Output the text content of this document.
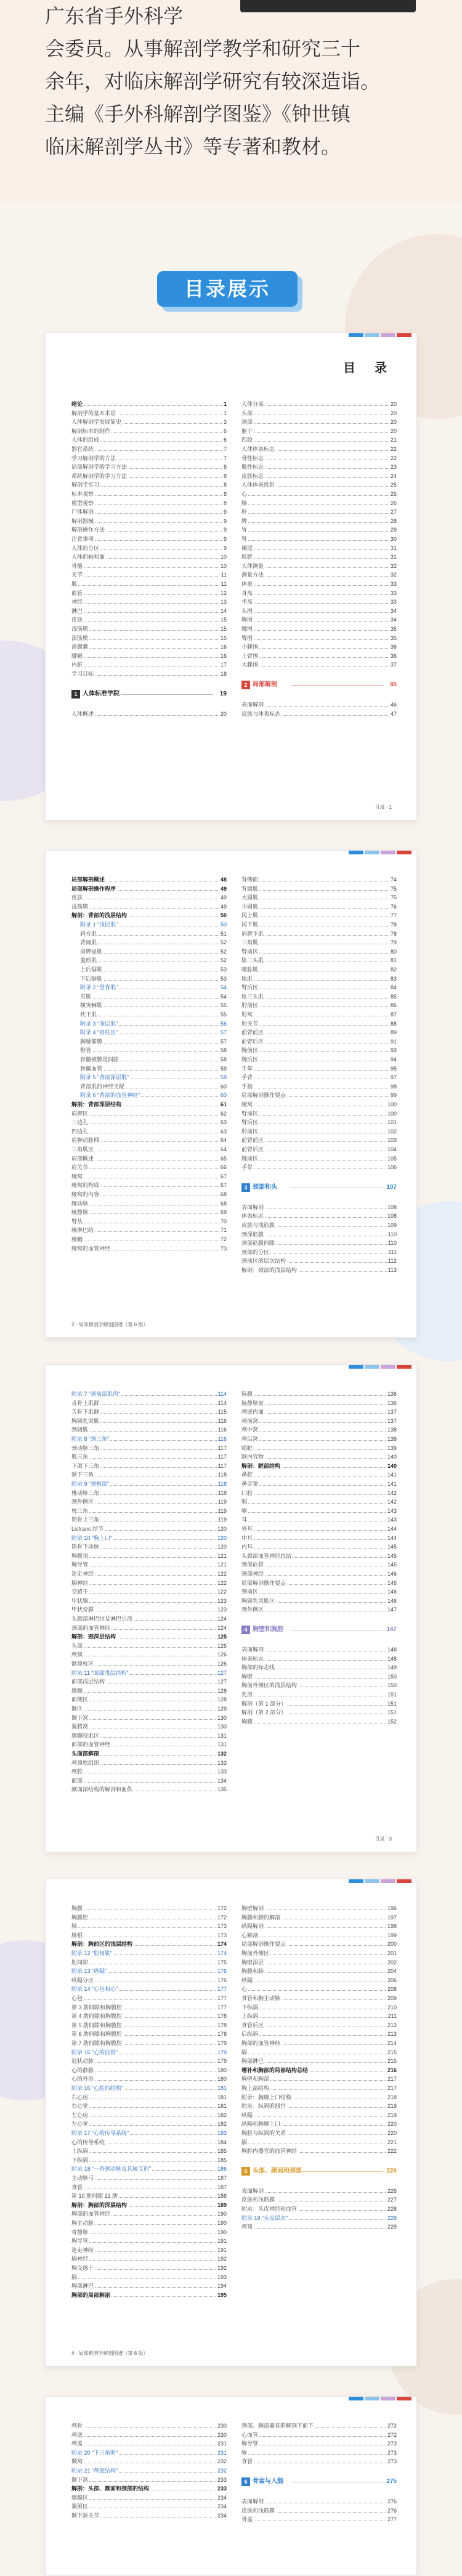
广东省手外科学
会委员。从事解剖学教学和研究三十
余年，对临床解剖学研究有较深造诣。
主编《手外科解剖学图鉴》《钟世镇
临床解剖学丛书》等专著和教材。
目录展示
目 录
绪论	1
解剖学的基本术语	1
人体解剖学发展简史	3
解剖标本的制作	6
人体的组成	6
器官系统	7
学习解剖学的方法	7
局部解剖学的学习方法	8
系统解剖学的学习方法	8
解剖学实习	8
标本观察	8
模型观察	8
尸体解剖	9
解剖器械	9
解剖操作方法	9
注意事项	9
人体的分区	9
人体的轴和面	10
骨骼	10
关节	11
肌	11
血管	12
神经	13
淋巴	14
皮肤	15
浅筋膜	15
深筋膜	15
滑膜囊	16
腱鞘	16
内脏	17
学习目标	18
1 人体标准学院	19
人体概述	20
人体分部	20
头部	20
颈部	20
躯干	20
四肢	21
人体体表标志	22
骨性标志	22
肌性标志	23
皮肤标志	24
人体体表投影	25
心	25
肺	26
肝	27
脾	28
胃	29
肾	30
阑尾	31
膀胱	31
人体测量	32
测量方法	32
体重	33
身高	33
坐高	33
头围	34
胸围	34
腰围	35
臀围	35
小腿围	36
上臂围	36
大腿围	37
2 局部解剖	45
表面解剖	46
皮肤与体表标志	47
目录 · 1
局部解剖概述	48
局部解剖操作程序	49
皮肤	49
浅筋膜	49
解剖：背部的浅层结构	50
附录 1 “浅层肌”	50
斜方肌	51
背阔肌	52
肩胛提肌	52
菱形肌	52
上后锯肌	53
下后锯肌	53
附录 2 “竖脊肌”	54
夹肌	54
横突棘肌	55
枕下肌	55
附录 3 “深层肌”	56
附录 4 “脊柱区”	57
胸腰筋膜	57
椎管	58
脊髓被膜及间隙	58
脊髓血管	59
附录 5 “背部深层肌”	59
背部肌的神经支配	60
附录 6 “背部的血管神经”	60
解剖：背部深层结构	61
肩胛区	62
三边孔	63
四边孔	63
肩胛动脉网	64
三角肌区	64
肩部概述	65
肩关节	66
腋窝	67
腋窝的构成	67
腋窝的内容	68
腋动脉	68
腋静脉	69
臂丛	70
腋淋巴结	71
腋鞘	72
腋窝的血管神经	73
背侧面	74
背阔肌	75
大圆肌	75
小圆肌	76
冈上肌	77
冈下肌	78
肩胛下肌	78
三角肌	79
臂前区	80
肱二头肌	81
喙肱肌	82
肱肌	83
臂后区	84
肱三头肌	85
肘前区	86
肘窝	87
肘关节	88
前臂前区	89
前臂后区	91
腕前区	93
腕后区	94
手掌	95
手背	97
手指	98
局部解剖操作要点	99
腋窝	100
臂前区	100
臂后区	101
肘前区	102
前臂前区	103
前臂后区	104
腕前区	105
手掌	106
3 颈部和头	107
表面解剖	108
体表标志	108
皮肤与浅筋膜	109
颈深筋膜	110
颈部筋膜间隙	110
颈部的分区	111
颈前区的层次结构	112
解剖：颈部的浅层结构	113
2 · 局部解剖学解剖图谱（第 6 版）
附录 7 “颈前部肌肉”	114
舌骨上肌群	114
舌骨下肌群	115
胸锁乳突肌	116
颈阔肌	116
附录 8 “颈三角”	116
颈动脉三角	117
肌三角	117
下颌下三角	117
颏下三角	118
附录 9 “颈根部”	118
椎动脉三角	118
颈外侧区	119
枕三角	119
锁骨上三角	119
Lisfranc 结节	120
附录 10 “胸上口”	120
锁骨下动脉	120
胸膜顶	121
胸导管	121
迷走神经	122
膈神经	122
交感干	122
甲状腺	123
甲状旁腺	123
头颈部淋巴结及淋巴引流	124
颈部的血管神经	124
解剖：颈深层结构	125
头部	125
颅顶	126
额顶枕区	126
附录 11 “面部浅层结构”	127
面部浅层结构	127
腮腺	128
面侧区	128
颞区	129
颞下窝	130
翼腭窝	130
腮腺咬肌区	131
面部的血管神经	131
头面部解剖	132
颅顶软组织	133
颅腔	133
面部	134
颜面部结构的解剖和血供	135
脑膜	136
脑静脉窦	136
颅底内面	137
颅前窝	137
颅中窝	138
颅后窝	138
眼眶	139
眶内容物	140
解剖：眶部结构	140
鼻腔	141
鼻旁窦	141
口腔	142
咽	142
喉	143
耳	143
外耳	144
中耳	144
内耳	145
头颈部血管神经总结	145
颈部血管	145
颈部神经	146
局部解剖操作要点	146
颈前区	146
胸锁乳突肌区	146
颈外侧区	147
4 胸壁和胸腔	147
表面解剖	148
体表标志	148
胸部的标志线	149
胸壁	150
胸前外侧区的浅层结构	150
乳房	151
解剖（第 1 部分）	151
解剖（第 2 部分）	151
胸膜	152
目录 · 3
胸膜	172
胸膜腔	172
肺	173
肺根	173
解剖：胸前区的浅层结构	174
附录 12 “肋间肌”	174
肋间隙	175
附录 13 “纵隔”	176
纵隔分区	176
附录 14 “心包和心”	177
心包	177
第 3 肋间隙和胸膜腔	177
第 4 肋间隙和胸膜腔	178
第 5 肋间隙和胸膜腔	178
第 6 肋间隙和胸膜腔	178
第 7 肋间隙和胸膜腔	179
附录 15 “心的血管”	179
冠状动脉	179
心的静脉	180
心的外形	180
附录 16 “心腔的结构”	181
右心房	181
右心室	181
左心房	182
左心室	182
附录 17 “心的传导系统”	183
心的传导系统	184
上纵隔	185
下纵隔	185
附录 18 “一条颈动脉及其属支的”	186
主动脉弓	187
食管	187
第 10 肋间隙 12 肋	188
解剖：胸部的深层结构	189
胸部的血管神经	190
胸主动脉	190
奇静脉	190
胸导管	191
迷走神经	191
膈神经	192
胸交感干	192
膈	193
胸部淋巴	194
胸部的局部解剖	195
胸壁解剖	196
胸膜和肺的解剖	197
纵隔解剖	198
心解剖	199
局部解剖操作要点	200
胸前外侧区	201
胸壁深层	202
胸膜和肺	204
纵隔	206
心	208
食管和胸主动脉	209
下纵隔	210
上纵隔	211
食管后区	212
后纵隔	213
胸部的血管神经	214
膈	215
胸部淋巴	215
增补和胸部的局部结构总结	216
胸壁和胸部	217
胸上部结构	217
附录：胸廓上口结构	218
附录：纵隔的器官	219
纵隔	219
纵隔和胸廓上口	220
胸腔与纵隔的关系	220
膈	221
胸腔内器官的血管神经	222
5 头部、颜面和颈部	226
表面解剖	226
皮肤和浅筋膜	227
附录：头皮神经和血管	228
附录 19 “头皮层次”	228
颅顶	229
4 · 局部解剖学解剖图谱（第 6 版）
颅骨	230
颅底	230
颅盖	231
附录 20 “下三角的”	231
颞窝	232
附录 21 “颅底结构”	232
颞下窝	233
解剖：头部、颜面和颈部的结构	233
腮腺区	234
翼颌区	234
颞下颌关节	234
颈部、胸部器官的解剖下面下	272
心血管	272
胸导管	273
喉	273
食管	273
6 骨盆与人脑	275
表面解剖	276
皮肤和浅筋膜	276
骨盆	277
